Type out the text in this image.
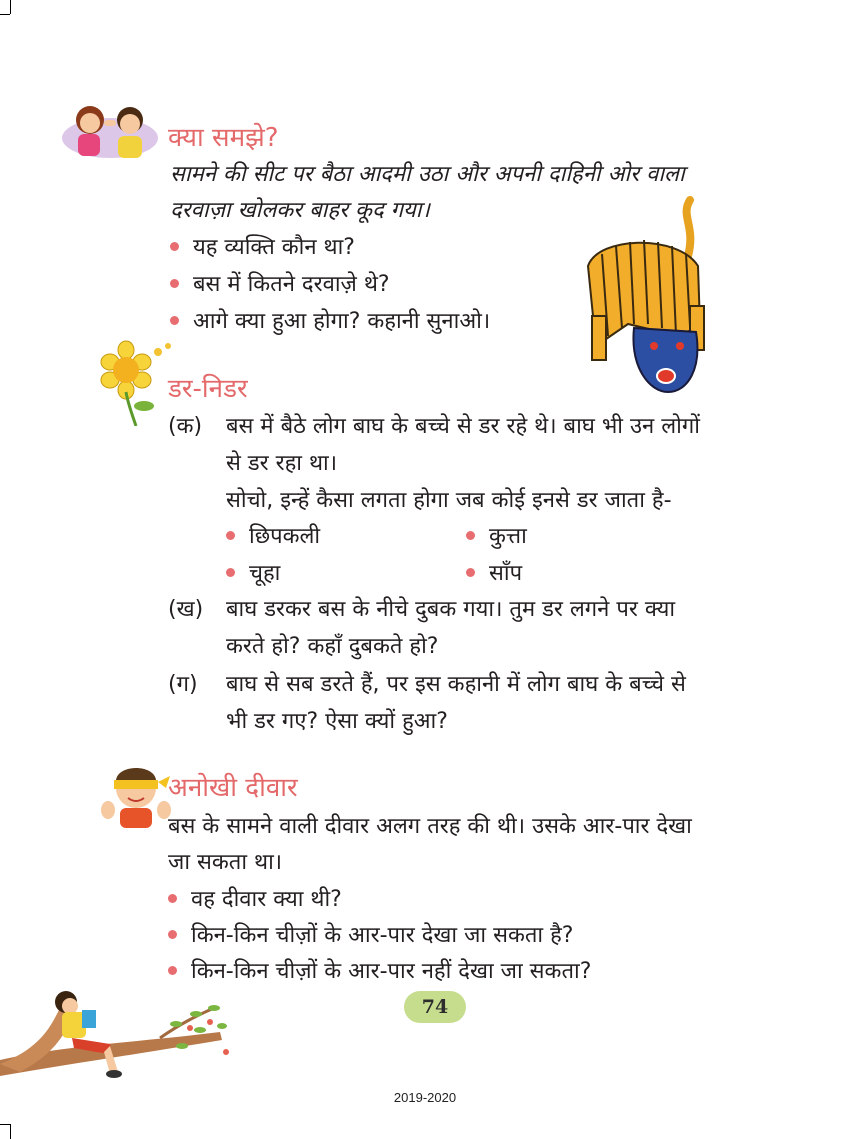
क्या समझे?
सामने की सीट पर बैठा आदमी उठा और अपनी दाहिनी ओर वाला
दरवाज़ा खोलकर बाहर कूद गया।
यह व्यक्ति कौन था?
बस में कितने दरवाज़े थे?
आगे क्या हुआ होगा? कहानी सुनाओ।
डर-निडर
(क) बस में बैठे लोग बाघ के बच्चे से डर रहे थे। बाघ भी उन लोगों
से डर रहा था।
सोचो, इन्हें कैसा लगता होगा जब कोई इनसे डर जाता है-
छिपकली	कुत्ता
चूहा	साँप
(ख) बाघ डरकर बस के नीचे दुबक गया। तुम डर लगने पर क्या
करते हो? कहाँ दुबकते हो?
(ग) बाघ से सब डरते हैं, पर इस कहानी में लोग बाघ के बच्चे से
भी डर गए? ऐसा क्यों हुआ?
अनोखी दीवार
बस के सामने वाली दीवार अलग तरह की थी। उसके आर-पार देखा
जा सकता था।
वह दीवार क्या थी?
किन-किन चीज़ों के आर-पार देखा जा सकता है?
किन-किन चीज़ों के आर-पार नहीं देखा जा सकता?
74
2019-2020
